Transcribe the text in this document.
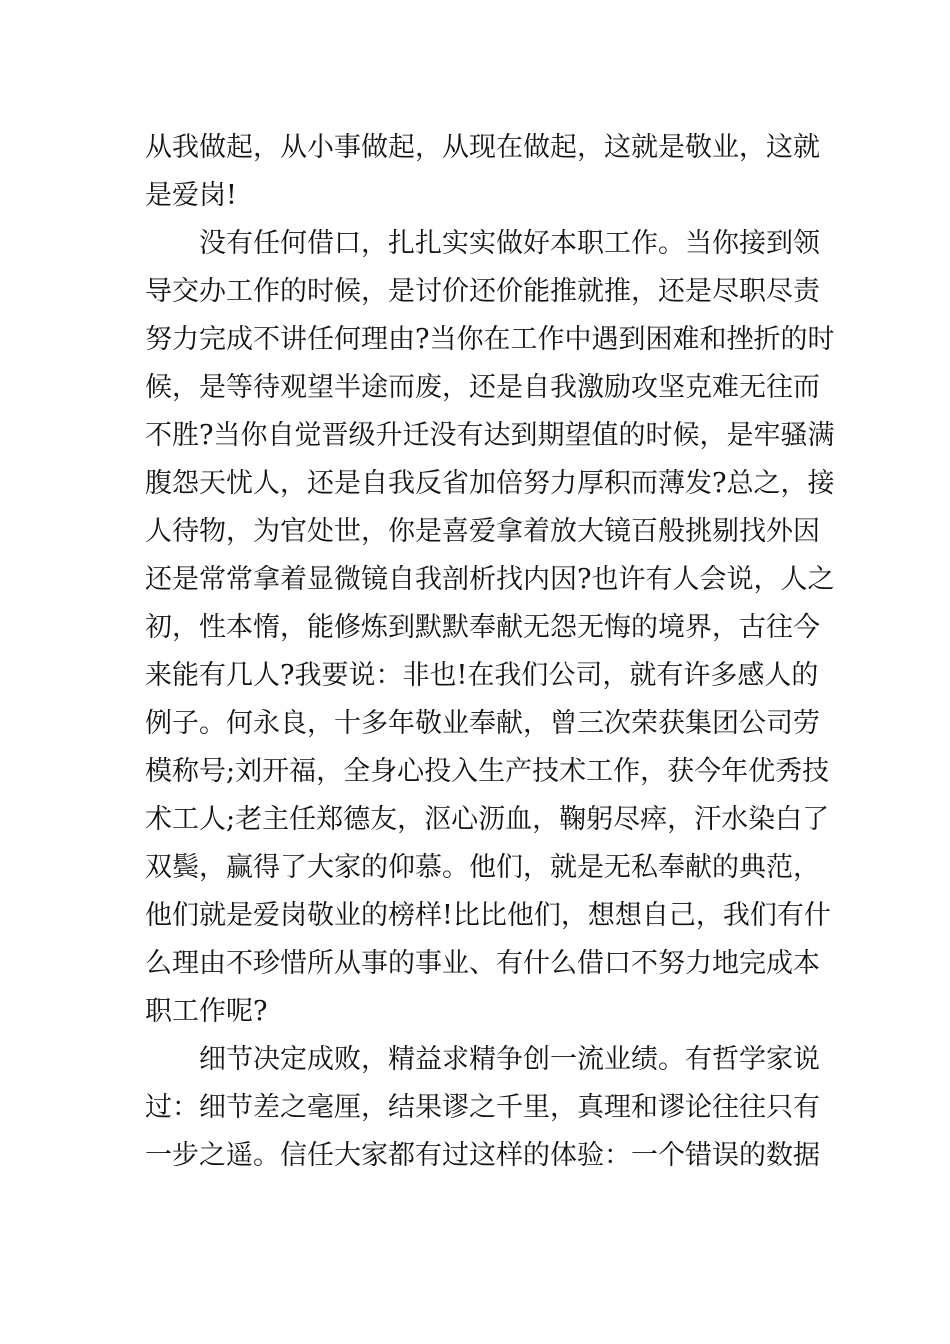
从我做起，从小事做起，从现在做起，这就是敬业，这就
是爱岗!
没有任何借口，扎扎实实做好本职工作。当你接到领
导交办工作的时候，是讨价还价能推就推，还是尽职尽责
努力完成不讲任何理由?当你在工作中遇到困难和挫折的时
候，是等待观望半途而废，还是自我激励攻坚克难无往而
不胜?当你自觉晋级升迁没有达到期望值的时候，是牢骚满
腹怨天忧人，还是自我反省加倍努力厚积而薄发?总之，接
人待物，为官处世，你是喜爱拿着放大镜百般挑剔找外因
还是常常拿着显微镜自我剖析找内因?也许有人会说，人之
初，性本惰，能修炼到默默奉献无怨无悔的境界，古往今
来能有几人?我要说：非也!在我们公司，就有许多感人的
例子。何永良，十多年敬业奉献，曾三次荣获集团公司劳
模称号;刘开福，全身心投入生产技术工作，获今年优秀技
术工人;老主任郑德友，沤心沥血，鞠躬尽瘁，汗水染白了
双鬓，赢得了大家的仰慕。他们，就是无私奉献的典范，
他们就是爱岗敬业的榜样!比比他们，想想自己，我们有什
么理由不珍惜所从事的事业、有什么借口不努力地完成本
职工作呢?
细节决定成败，精益求精争创一流业绩。有哲学家说
过：细节差之毫厘，结果谬之千里，真理和谬论往往只有
一步之遥。信任大家都有过这样的体验：一个错误的数据
